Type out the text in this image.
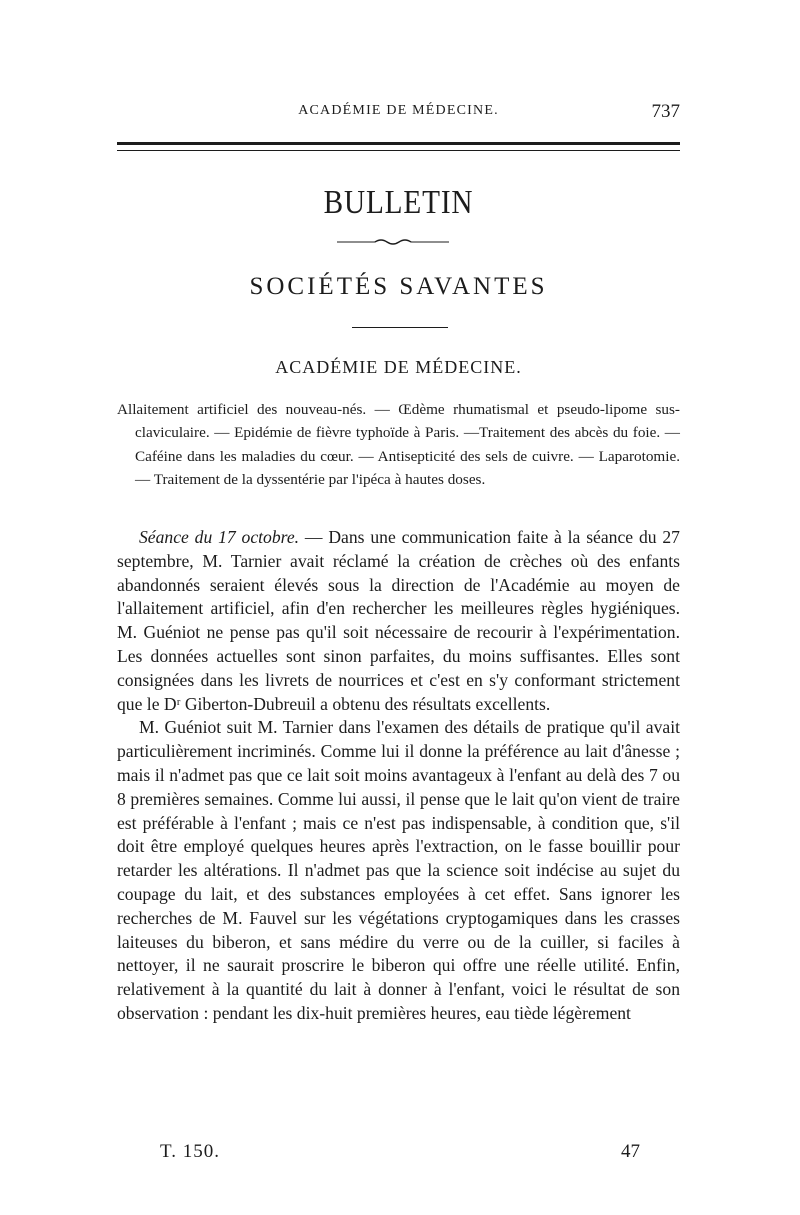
ACADÉMIE DE MÉDECINE.	737
BULLETIN
SOCIÉTÉS SAVANTES
ACADÉMIE DE MÉDECINE.
Allaitement artificiel des nouveau-nés. — Œdème rhumatismal et pseudo-lipome sus-claviculaire. — Epidémie de fièvre typhoïde à Paris. —Traitement des abcès du foie. — Caféine dans les maladies du cœur. — Antisepticité des sels de cuivre. — Laparotomie. — Traitement de la dyssentérie par l'ipéca à hautes doses.

Séance du 17 octobre. — Dans une communication faite à la séance du 27 septembre, M. Tarnier avait réclamé la création de crèches où des enfants abandonnés seraient élevés sous la direction de l'Académie au moyen de l'allaitement artificiel, afin d'en rechercher les meilleures règles hygiéniques. M. Guéniot ne pense pas qu'il soit nécessaire de recourir à l'expérimentation. Les données actuelles sont sinon parfaites, du moins suffisantes. Elles sont consignées dans les livrets de nourrices et c'est en s'y conformant strictement que le Dʳ Giberton-Dubreuil a obtenu des résultats excellents.

M. Guéniot suit M. Tarnier dans l'examen des détails de pratique qu'il avait particulièrement incriminés. Comme lui il donne la préférence au lait d'ânesse ; mais il n'admet pas que ce lait soit moins avantageux à l'enfant au delà des 7 ou 8 premières semaines. Comme lui aussi, il pense que le lait qu'on vient de traire est préférable à l'enfant ; mais ce n'est pas indispensable, à condition que, s'il doit être employé quelques heures après l'extraction, on le fasse bouillir pour retarder les altérations. Il n'admet pas que la science soit indécise au sujet du coupage du lait, et des substances employées à cet effet. Sans ignorer les recherches de M. Fauvel sur les végétations cryptogamiques dans les crasses laiteuses du biberon, et sans médire du verre ou de la cuiller, si faciles à nettoyer, il ne saurait proscrire le biberon qui offre une réelle utilité. Enfin, relativement à la quantité du lait à donner à l'enfant, voici le résultat de son observation : pendant les dix-huit premières heures, eau tiède légèrement

T. 150.	47
